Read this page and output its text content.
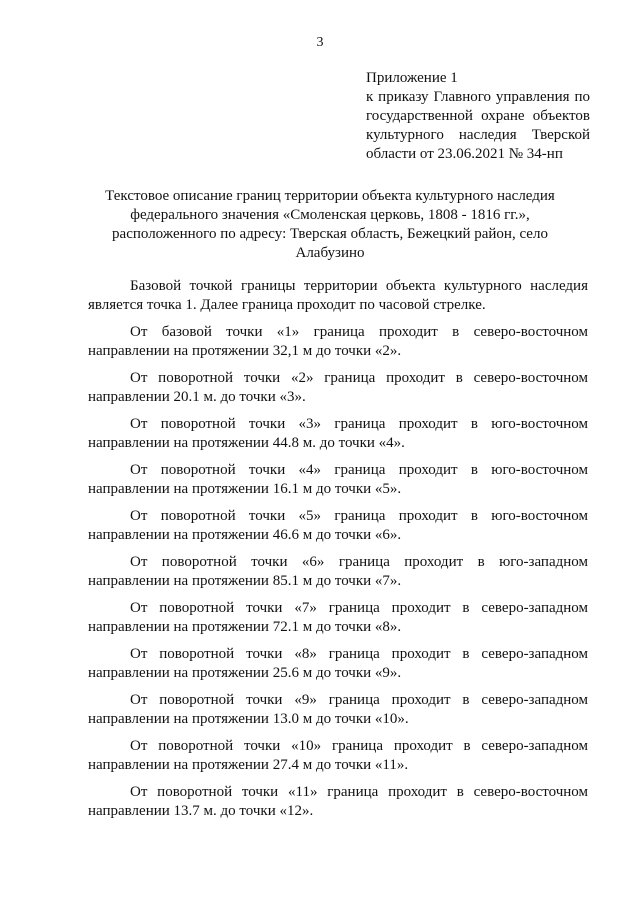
3
Приложение 1
к приказу Главного управления по
государственной охране объектов
культурного наследия Тверской
области от 23.06.2021 № 34-нп
Текстовое описание границ территории объекта культурного наследия
федерального значения «Смоленская церковь, 1808 - 1816 гг.»,
расположенного по адресу: Тверская область, Бежецкий район, село
Алабузино
Базовой точкой границы территории объекта культурного наследия
является точка 1. Далее граница проходит по часовой стрелке.
От базовой точки «1» граница проходит в северо-восточном
направлении на протяжении 32,1 м до точки «2».
От поворотной точки «2» граница проходит в северо-восточном
направлении 20.1 м. до точки «3».
От поворотной точки «3» граница проходит в юго-восточном
направлении на протяжении 44.8 м. до точки «4».
От поворотной точки «4» граница проходит в юго-восточном
направлении на протяжении 16.1 м до точки «5».
От поворотной точки «5» граница проходит в юго-восточном
направлении на протяжении 46.6 м до точки «6».
От поворотной точки «6» граница проходит в юго-западном
направлении на протяжении 85.1 м до точки «7».
От поворотной точки «7» граница проходит в северо-западном
направлении на протяжении 72.1 м до точки «8».
От поворотной точки «8» граница проходит в северо-западном
направлении на протяжении 25.6 м до точки «9».
От поворотной точки «9» граница проходит в северо-западном
направлении на протяжении 13.0 м до точки «10».
От поворотной точки «10» граница проходит в северо-западном
направлении на протяжении 27.4 м до точки «11».
От поворотной точки «11» граница проходит в северо-восточном
направлении 13.7 м. до точки «12».
